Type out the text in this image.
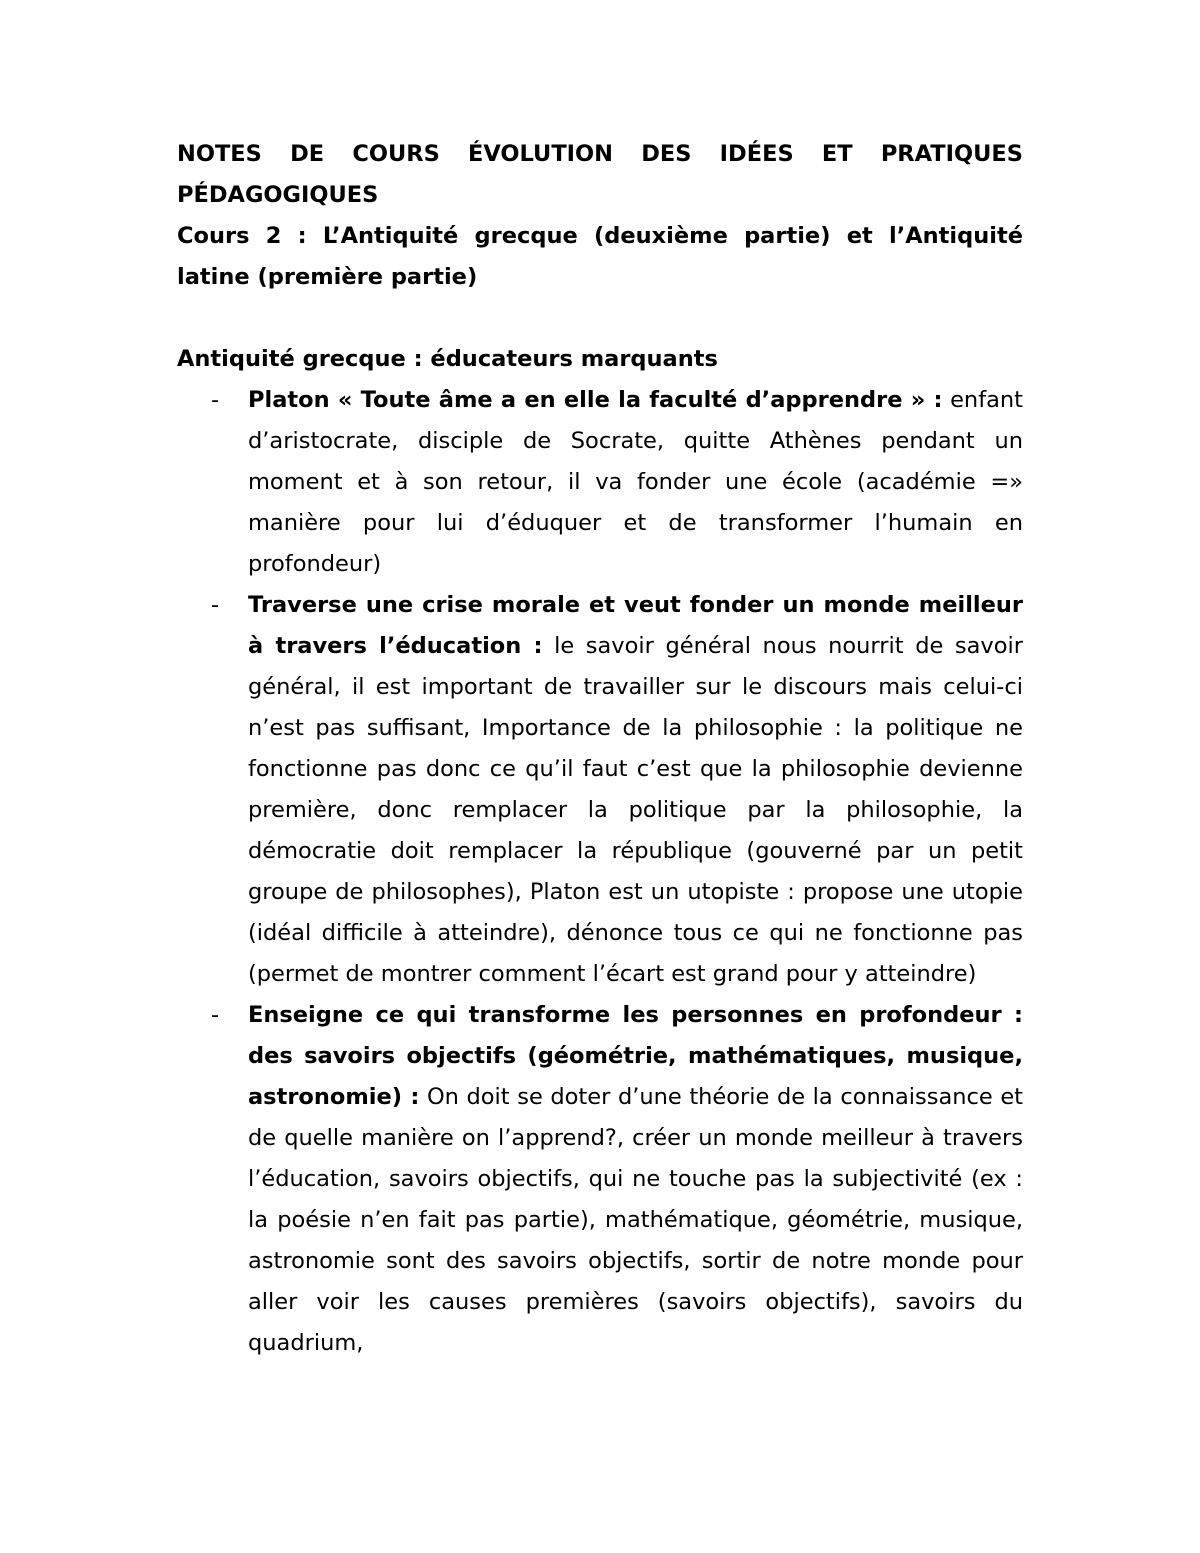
NOTES DE COURS ÉVOLUTION DES IDÉES ET PRATIQUES PÉDAGOGIQUES

Cours 2 : L’Antiquité grecque (deuxième partie) et l’Antiquité latine (première partie)

Antiquité grecque : éducateurs marquants

- Platon « Toute âme a en elle la faculté d’apprendre » : enfant d’aristocrate, disciple de Socrate, quitte Athènes pendant un moment et à son retour, il va fonder une école (académie =» manière pour lui d’éduquer et de transformer l’humain en profondeur)
- Traverse une crise morale et veut fonder un monde meilleur à travers l’éducation : le savoir général nous nourrit de savoir général, il est important de travailler sur le discours mais celui-ci n’est pas suffisant, Importance de la philosophie : la politique ne fonctionne pas donc ce qu’il faut c’est que la philosophie devienne première, donc remplacer la politique par la philosophie, la démocratie doit remplacer la république (gouverné par un petit groupe de philosophes), Platon est un utopiste : propose une utopie (idéal difficile à atteindre), dénonce tous ce qui ne fonctionne pas (permet de montrer comment l’écart est grand pour y atteindre)
- Enseigne ce qui transforme les personnes en profondeur : des savoirs objectifs (géométrie, mathématiques, musique, astronomie) : On doit se doter d’une théorie de la connaissance et de quelle manière on l’apprend?, créer un monde meilleur à travers l’éducation, savoirs objectifs, qui ne touche pas la subjectivité (ex : la poésie n’en fait pas partie), mathématique, géométrie, musique, astronomie sont des savoirs objectifs, sortir de notre monde pour aller voir les causes premières (savoirs objectifs), savoirs du quadrium,
